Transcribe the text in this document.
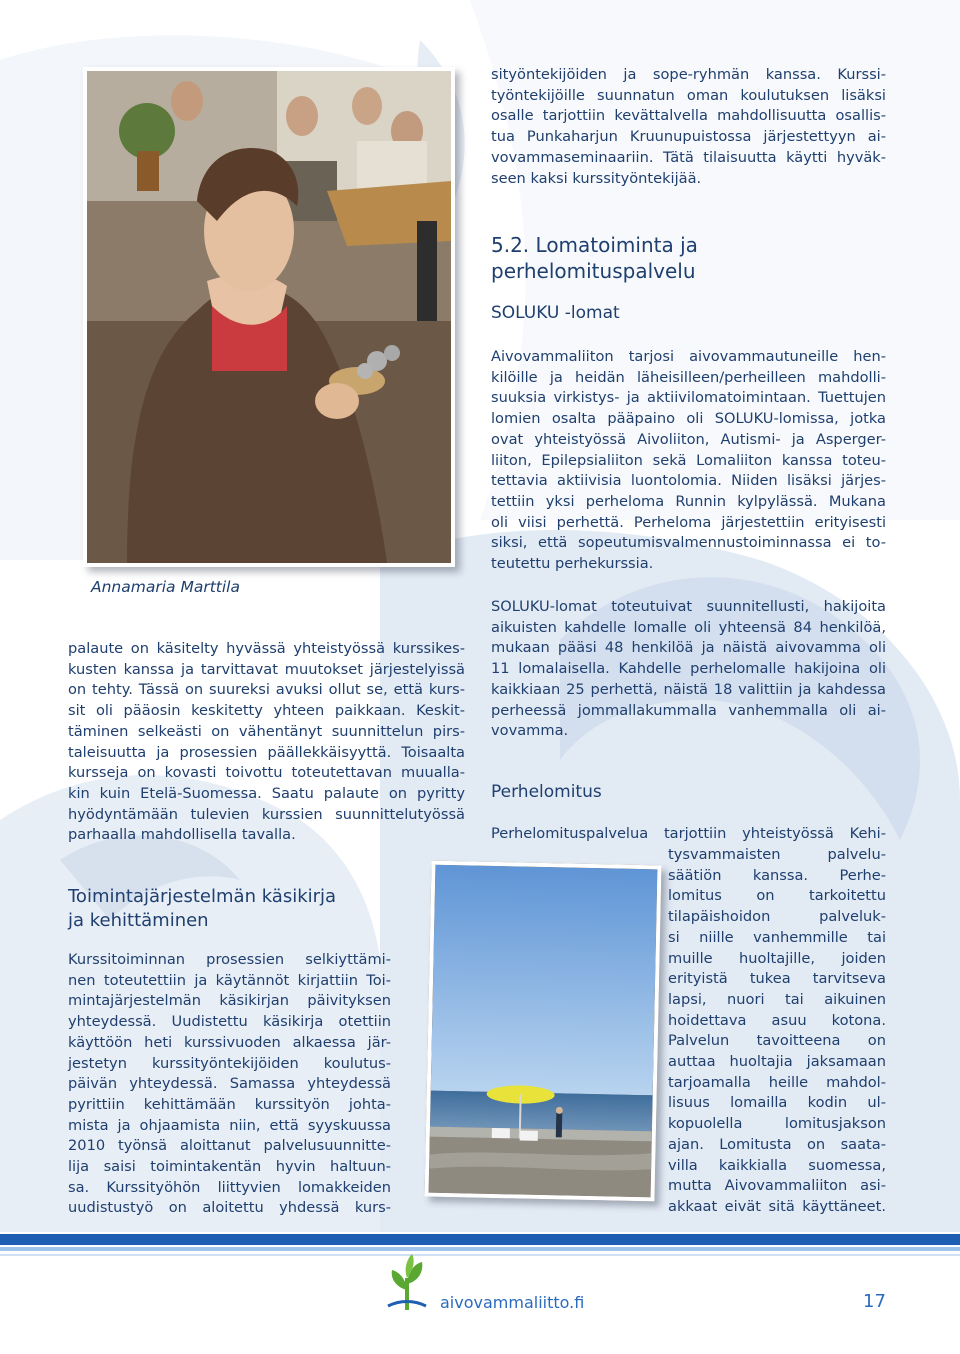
Annamaria Marttila
sityöntekijöiden ja sope-ryhmän kanssa. Kurssi-
työntekijöille suunnatun oman koulutuksen lisäksi
osalle tarjottiin kevättalvella mahdollisuutta osallis-
tua Punkaharjun Kruunupuistossa järjestettyyn ai-
vovammaseminaariin. Tätä tilaisuutta käytti hyväk-
seen kaksi kurssityöntekijää.
5.2. Lomatoiminta ja
perhelomituspalvelu
SOLUKU -lomat
Aivovammaliiton tarjosi aivovammautuneille hen-
kilöille ja heidän läheisilleen/perheilleen mahdolli-
suuksia virkistys- ja aktiivilomatoimintaan. Tuettujen
lomien osalta pääpaino oli SOLUKU-lomissa, jotka
ovat yhteistyössä Aivoliiton, Autismi- ja Asperger-
liiton, Epilepsialiiton sekä Lomaliiton kanssa toteu-
tettavia aktiivisia luontolomia. Niiden lisäksi järjes-
tettiin yksi perheloma Runnin kylpylässä. Mukana
oli viisi perhettä. Perheloma järjestettiin erityisesti
siksi, että sopeutumisvalmennustoiminnassa ei to-
teutettu perhekurssia.
SOLUKU-lomat toteutuivat suunnitellusti, hakijoita
aikuisten kahdelle lomalle oli yhteensä 84 henkilöä,
mukaan pääsi 48 henkilöä ja näistä aivovamma oli
11 lomalaisella. Kahdelle perhelomalle hakijoina oli
kaikkiaan 25 perhettä, näistä 18 valittiin ja kahdessa
perheessä jommallakummalla vanhemmalla oli ai-
vovamma.
Perhelomitus
Perhelomituspalvelua tarjottiin yhteistyössä Kehi-
tysvammaisten palvelu-
säätiön kanssa. Perhe-
lomitus on tarkoitettu
tilapäishoidon palveluk-
si niille vanhemmille tai
muille huoltajille, joiden
erityistä tukea tarvitseva
lapsi, nuori tai aikuinen
hoidettava asuu kotona.
Palvelun tavoitteena on
auttaa huoltajia jaksamaan
tarjoamalla heille mahdol-
lisuus lomailla kodin ul-
kopuolella lomitusjakson
ajan. Lomitusta on saata-
villa kaikkialla suomessa,
mutta Aivovammaliiton asi-
akkaat eivät sitä käyttäneet.
palaute on käsitelty hyvässä yhteistyössä kurssikes-
kusten kanssa ja tarvittavat muutokset järjestelyissä
on tehty. Tässä on suureksi avuksi ollut se, että kurs-
sit oli pääosin keskitetty yhteen paikkaan. Keskit-
täminen selkeästi on vähentänyt suunnittelun pirs-
taleisuutta ja prosessien päällekkäisyyttä. Toisaalta
kursseja on kovasti toivottu toteutettavan muualla-
kin kuin Etelä-Suomessa. Saatu palaute on pyritty
hyödyntämään tulevien kurssien suunnittelutyössä
parhaalla mahdollisella tavalla.
Toimintajärjestelmän käsikirja
ja kehittäminen
Kurssitoiminnan prosessien selkiyttämi-
nen toteutettiin ja käytännöt kirjattiin Toi-
mintajärjestelmän käsikirjan päivityksen
yhteydessä. Uudistettu käsikirja otettiin
käyttöön heti kurssivuoden alkaessa jär-
jestetyn kurssityöntekijöiden koulutus-
päivän yhteydessä. Samassa yhteydessä
pyrittiin kehittämään kurssityön johta-
mista ja ohjaamista niin, että syyskuussa
2010 työnsä aloittanut palvelusuunnitte-
lija saisi toimintakentän hyvin haltuun-
sa. Kurssityöhön liittyvien lomakkeiden
uudistustyö on aloitettu yhdessä kurs-
aivovammaliitto.fi	17
